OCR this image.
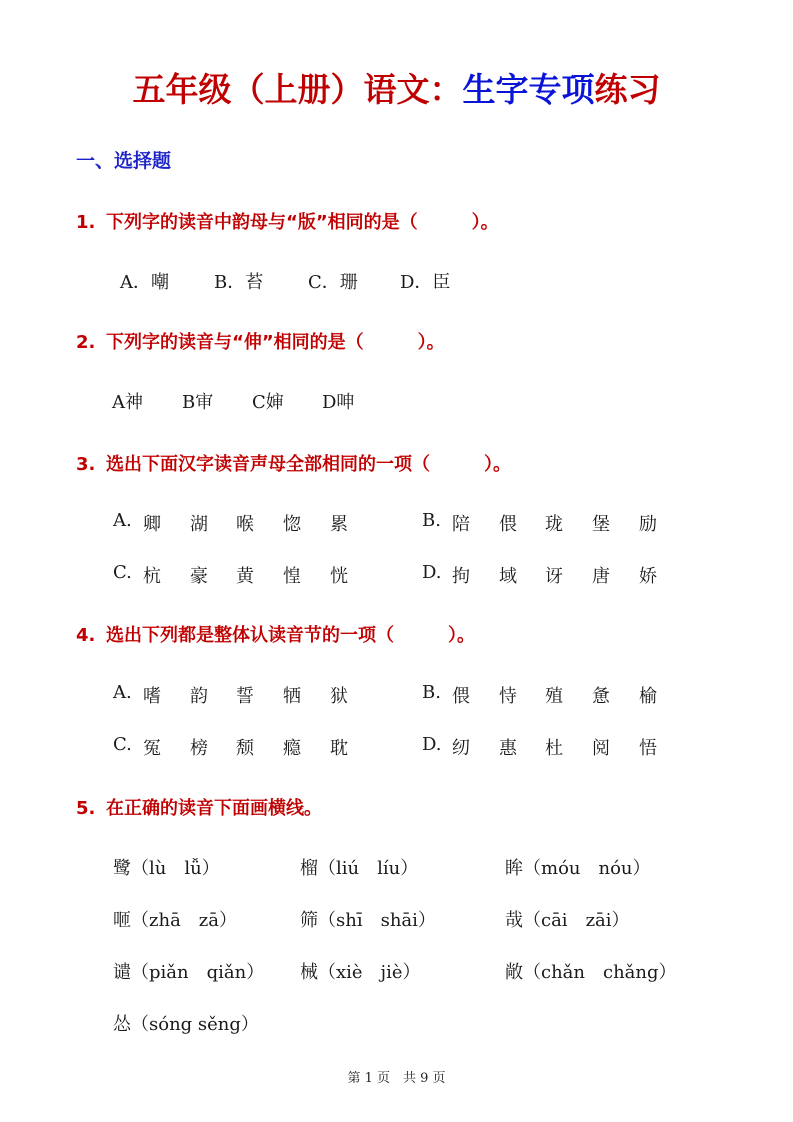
五年级（上册）语文：生字专项练习
一、选择题
1. 下列字的读音中韵母与“版”相同的是（　　　）。
A．嘲	B．苔 C．珊 D．臣
2. 下列字的读音与“伸”相同的是（　　　）。
A神 B审 C婶 D呻
3. 选出下面汉字读音声母全部相同的一项（　　　）。
A. 卿 湖 喉 惚 累	B. 陪 偎 珑 堡 励
C. 杭 豪 黄 惶 恍	D. 拘 域 讶 唐 娇
4. 选出下列都是整体认读音节的一项（　　　）。
A. 嗜 韵 誓 牺 狱	B. 偎 恃 殖 惫 榆
C. 冤 榜 颓 瘾 耽	D. 纫 惠 杜 阅 悟
5. 在正确的读音下面画横线。
鹭（lù　lǚ）	榴（liú　líu）	眸（móu　nóu）
咂（zhā　zā）	筛（shī　shāi）	哉（cāi　zāi）
谴（piǎn　qiǎn） 械（xiè　jiè）	敞（chǎn　chǎng）
怂（sóng sěng）
第 1 页　共 9 页
